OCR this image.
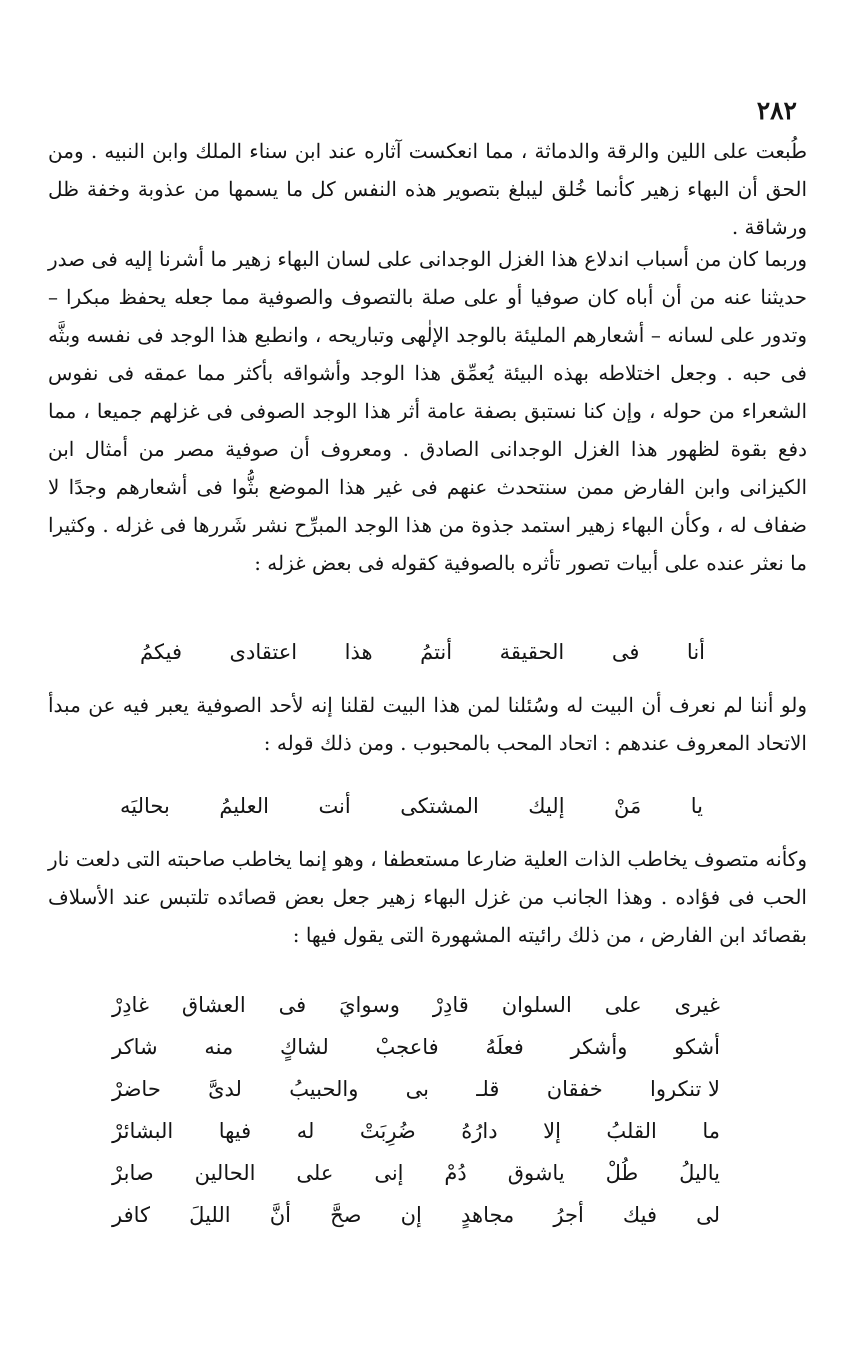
٢٨٢
طُبعت على اللين والرقة والدماثة ، مما انعكست آثاره عند ابن سناء الملك وابن النبيه . ومن الحق أن البهاء زهير كأنما خُلق ليبلغ بتصوير هذه النفس كل ما يسمها من عذوبة وخفة ظل ورشاقة .
وربما كان من أسباب اندلاع هذا الغزل الوجدانى على لسان البهاء زهير ما أشرنا إليه فى صدر حديثنا عنه من أن أباه كان صوفيا أو على صلة بالتصوف والصوفية مما جعله يحفظ مبكرا – وتدور على لسانه – أشعارهم المليئة بالوجد الإلٰهى وتباريحه ، وانطبع هذا الوجد فى نفسه وبثَّه فى حبه . وجعل اختلاطه بهذه البيئة يُعمِّق هذا الوجد وأشواقه بأكثر مما عمقه فى نفوس الشعراء من حوله ، وإن كنا نستبق بصفة عامة أثر هذا الوجد الصوفى فى غزلهم جميعا ، مما دفع بقوة لظهور هذا الغزل الوجدانى الصادق . ومعروف أن صوفية مصر من أمثال ابن الكيزانى وابن الفارض ممن سنتحدث عنهم فى غير هذا الموضع بثُّوا فى أشعارهم وجدًا لا ضفاف له ، وكأن البهاء زهير استمد جذوة من هذا الوجد المبرِّح نشر شَررها فى غزله . وكثيرا ما نعثر عنده على أبيات تصور تأثره بالصوفية كقوله فى بعض غزله :
أنا
فى
الحقيقة
أنتمُ
هذا
اعتقادى
فيكمُ
ولو أننا لم نعرف أن البيت له وسُئلنا لمن هذا البيت لقلنا إنه لأحد الصوفية يعبر فيه عن مبدأ الاتحاد المعروف عندهم : اتحاد المحب بالمحبوب . ومن ذلك قوله :
يا
مَنْ
إليك
المشتكى
أنت
العليمُ
بحاليَه
وكأنه متصوف يخاطب الذات العلية ضارعا مستعطفا ، وهو إنما يخاطب صاحبته التى دلعت نار الحب فى فؤاده . وهذا الجانب من غزل البهاء زهير جعل بعض قصائده تلتبس عند الأسلاف بقصائد ابن الفارض ، من ذلك رائيته المشهورة التى يقول فيها :
غيرى
على
السلوان
قادِرْ
وسوايَ
فى
العشاق
غادِرْ
أشكو
وأشكر
فعلَهُ
فاعجبْ
لشاكٍ
منه
شاكر
لا تنكروا
خفقان
قلـ
بى
والحبيبُ
لدىَّ
حاضرْ
ما
القلبُ
إلا
دارُهُ
ضُرِبَتْ
له
فيها
البشائرْ
ياليلُ
طُلْ
ياشوق
دُمْ
إنى
على
الحالين
صابرْ
لى
فيك
أجرُ
مجاهدٍ
إن
صحَّ
أنَّ
الليلَ
كافر
